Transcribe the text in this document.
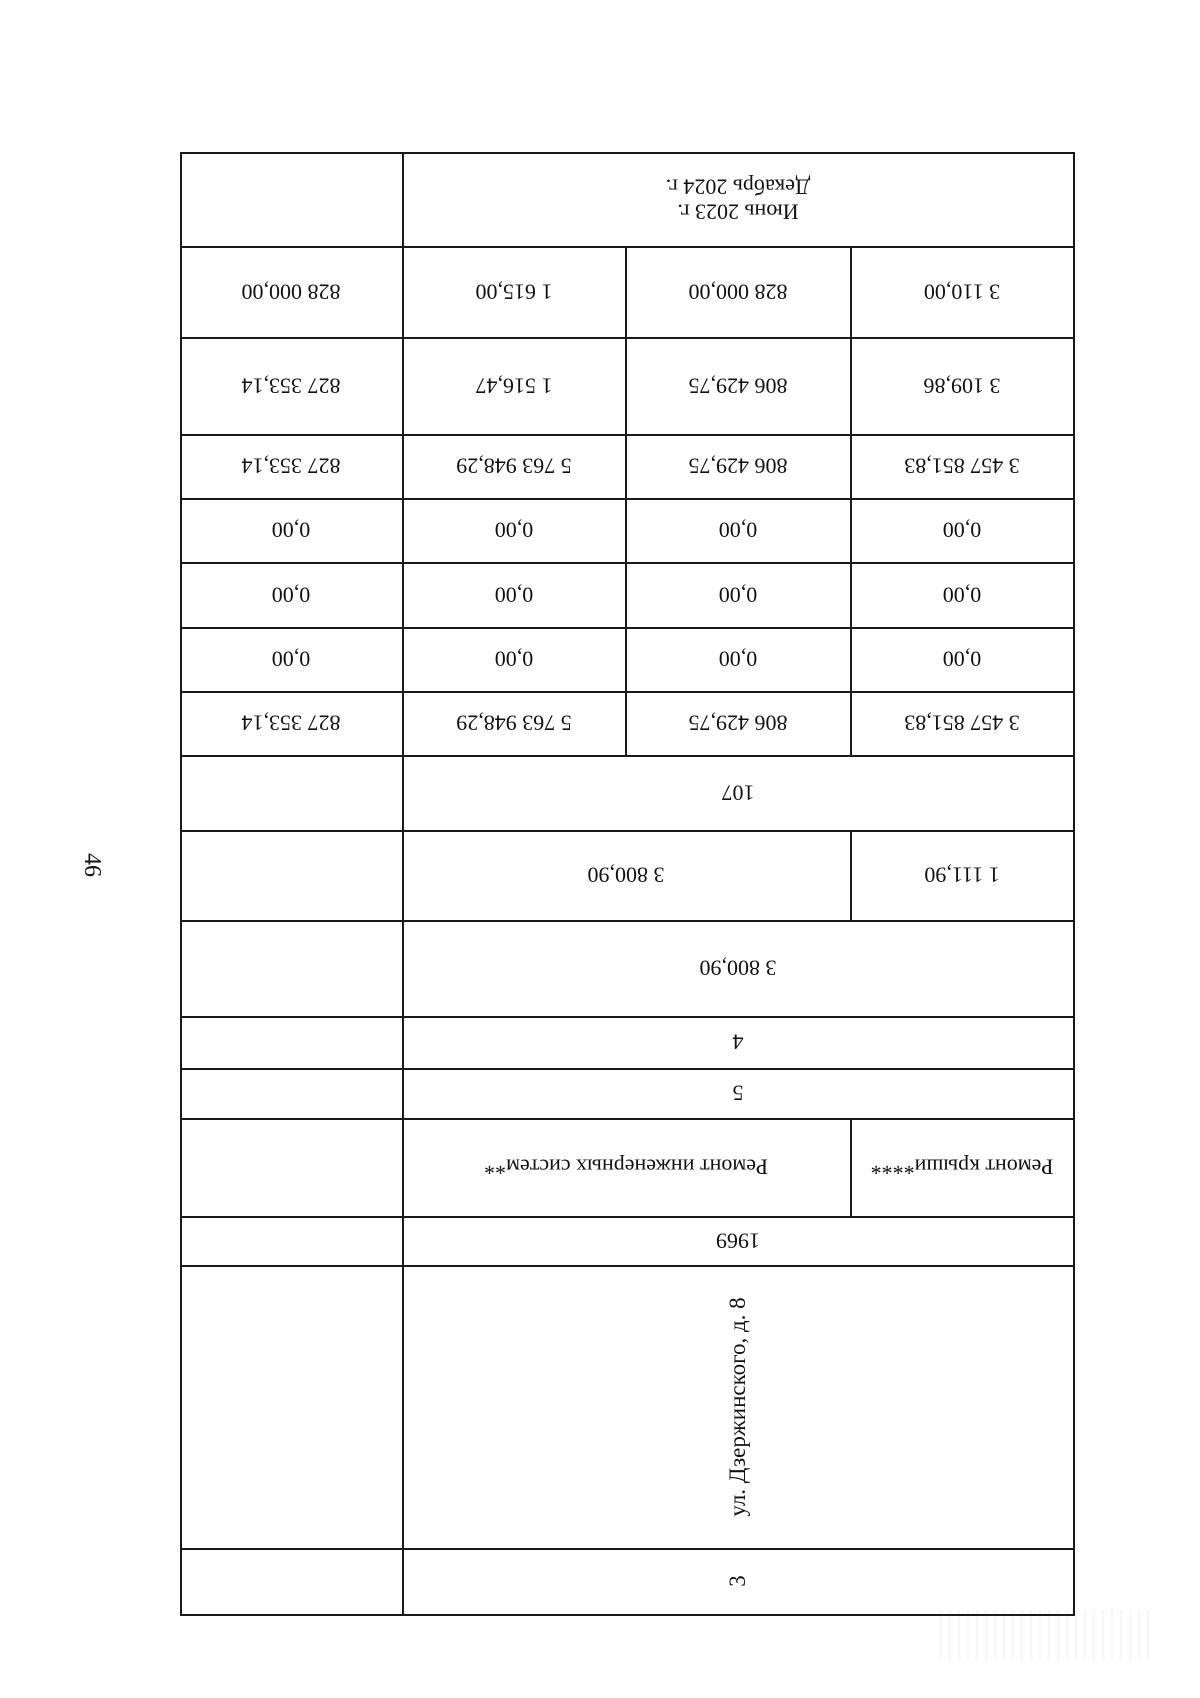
46
Июнь 2023 г.
Декабрь 2024 г.
828 000,00	1 615,00	828 000,00	3 110,00
827 353,14	1 516,47	806 429,75	3 109,86
827 353,14	5 763 948,29	806 429,75	3 457 851,83
0,00	0,00	0,00	0,00
0,00	0,00	0,00	0,00
0,00	0,00	0,00	0,00
827 353,14	5 763 948,29	806 429,75	3 457 851,83
107
3 800,90	1 111,90
3 800,90
4
5
Ремонт инженерных систем**	Ремонт крыши****
1969
ул. Дзержинского, д. 8
3
